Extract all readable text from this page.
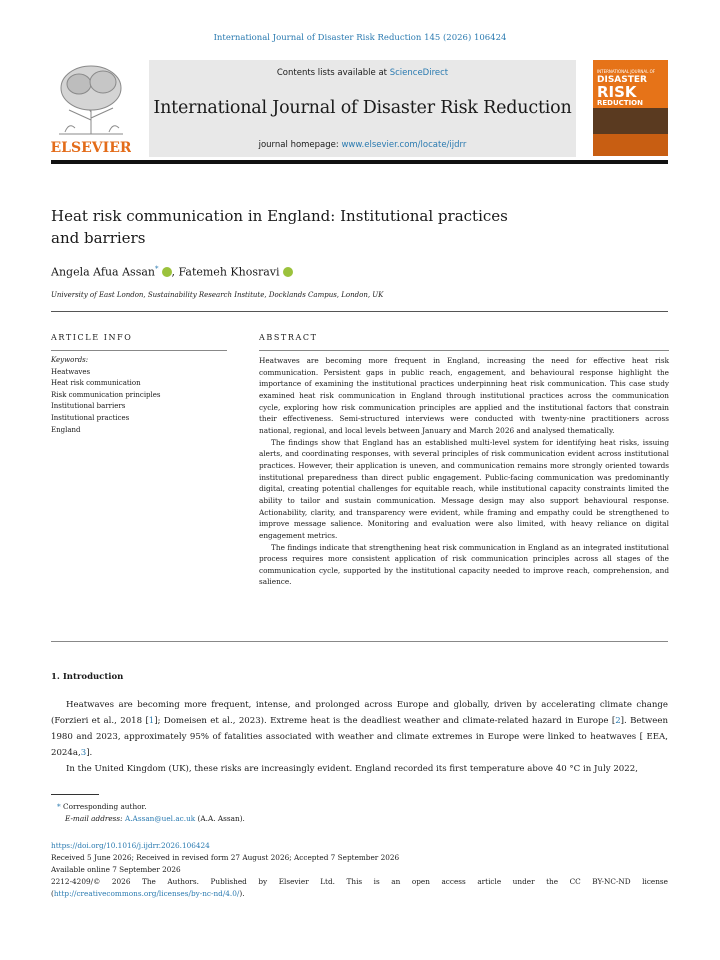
International Journal of Disaster Risk Reduction 145 (2026) 106424
ELSEVIER
Contents lists available at ScienceDirect
International Journal of Disaster Risk Reduction
journal homepage: www.elsevier.com/locate/ijdrr
INTERNATIONAL JOURNAL OF
DISASTER
RISK
REDUCTION
Heat risk communication in England: Institutional practices
and barriers
Angela Afua Assan* , Fatemeh Khosravi
University of East London, Sustainability Research Institute, Docklands Campus, London, UK
ARTICLE INFO	ABSTRACT
Keywords:
Heatwaves
Heat risk communication
Risk communication principles
Institutional barriers
Institutional practices
England

Heatwaves are becoming more frequent in England, increasing the need for effective heat risk communication. Persistent gaps in public reach, engagement, and behavioural response highlight the importance of examining the institutional practices underpinning heat risk communication. This case study examined heat risk communication in England through institutional practices across the communication cycle, exploring how risk communication principles are applied and the institutional factors that constrain their effectiveness. Semi-structured interviews were conducted with twenty-nine practitioners across national, regional, and local levels between January and March 2026 and analysed thematically.

The findings show that England has an established multi-level system for identifying heat risks, issuing alerts, and coordinating responses, with several principles of risk communication evident across institutional practices. However, their application is uneven, and communication remains more strongly oriented towards institutional preparedness than direct public engagement. Public-facing communication was predominantly digital, creating potential challenges for equitable reach, while institutional capacity constraints limited the ability to tailor and sustain communication. Message design may also support behavioural response. Actionability, clarity, and transparency were evident, while framing and empathy could be strengthened to improve message salience. Monitoring and evaluation were also limited, with heavy reliance on digital engagement metrics.

The findings indicate that strengthening heat risk communication in England as an integrated institutional process requires more consistent application of risk communication principles across all stages of the communication cycle, supported by the institutional capacity needed to improve reach, comprehension, and salience.

1. Introduction

Heatwaves are becoming more frequent, intense, and prolonged across Europe and globally, driven by accelerating climate change (Forzieri et al., 2018 [1]; Domeisen et al., 2023). Extreme heat is the deadliest weather and climate-related hazard in Europe [2]. Between 1980 and 2023, approximately 95% of fatalities associated with weather and climate extremes in Europe were linked to heatwaves [ EEA, 2024a,3].

In the United Kingdom (UK), these risks are increasingly evident. England recorded its first temperature above 40 °C in July 2022,

* Corresponding author.
E-mail address: A.Assan@uel.ac.uk (A.A. Assan).
https://doi.org/10.1016/j.ijdrr.2026.106424
Received 5 June 2026; Received in revised form 27 August 2026; Accepted 7 September 2026
Available online 7 September 2026
2212-4209/© 2026 The Authors. Published by Elsevier Ltd. This is an open access article under the CC BY-NC-ND license
(http://creativecommons.org/licenses/by-nc-nd/4.0/).
